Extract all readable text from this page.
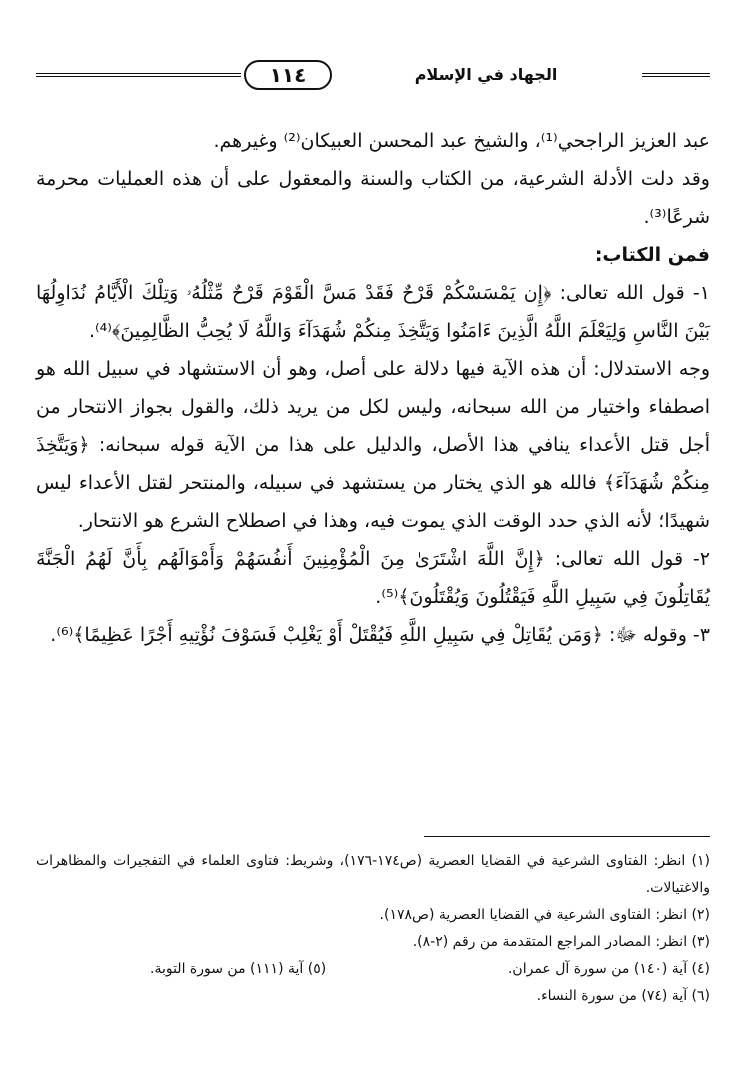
١١٤	الجهاد في الإسلام

عبد العزيز الراجحي⁽¹⁾، والشيخ عبد المحسن العبيكان⁽²⁾ وغيرهم.

وقد دلت الأدلة الشرعية، من الكتاب والسنة والمعقول على أن هذه العمليات محرمة شرعًا⁽³⁾.

فمن الكتاب:

١- قول الله تعالى: ﴿إِن يَمْسَسْكُمْ قَرْحٌ فَقَدْ مَسَّ الْقَوْمَ قَرْحٌ مِّثْلُهُۥ وَتِلْكَ الْأَيَّامُ نُدَاوِلُهَا بَيْنَ النَّاسِ وَلِيَعْلَمَ اللَّهُ الَّذِينَ ءَامَنُوا وَيَتَّخِذَ مِنكُمْ شُهَدَآءَ وَاللَّهُ لَا يُحِبُّ الظَّالِمِينَ﴾⁽⁴⁾.

وجه الاستدلال: أن هذه الآية فيها دلالة على أصل، وهو أن الاستشهاد في سبيل الله هو اصطفاء واختيار من الله سبحانه، وليس لكل من يريد ذلك، والقول بجواز الانتحار من أجل قتل الأعداء ينافي هذا الأصل، والدليل على هذا من الآية قوله سبحانه: ﴿وَيَتَّخِذَ مِنكُمْ شُهَدَآءَ﴾ فالله هو الذي يختار من يستشهد في سبيله، والمنتحر لقتل الأعداء ليس شهيدًا؛ لأنه الذي حدد الوقت الذي يموت فيه، وهذا في اصطلاح الشرع هو الانتحار.

٢- قول الله تعالى: ﴿إِنَّ اللَّهَ اشْتَرَىٰ مِنَ الْمُؤْمِنِينَ أَنفُسَهُمْ وَأَمْوَالَهُم بِأَنَّ لَهُمُ الْجَنَّةَ يُقَاتِلُونَ فِي سَبِيلِ اللَّهِ فَيَقْتُلُونَ وَيُقْتَلُونَ﴾⁽⁵⁾.

٣- وقوله ﷻ: ﴿وَمَن يُقَاتِلْ فِي سَبِيلِ اللَّهِ فَيُقْتَلْ أَوْ يَغْلِبْ فَسَوْفَ نُؤْتِيهِ أَجْرًا عَظِيمًا﴾⁽⁶⁾.

(١) انظر: الفتاوى الشرعية في القضايا العصرية (ص١٧٤-١٧٦)، وشريط: فتاوى العلماء في التفجيرات والمظاهرات والاغتيالات.
(٢) انظر: الفتاوى الشرعية في القضايا العصرية (ص١٧٨).
(٣) انظر: المصادر المراجع المتقدمة من رقم (٢-٨).
(٤) آية (١٤٠) من سورة آل عمران.
(٥) آية (١١١) من سورة التوبة.
(٦) آية (٧٤) من سورة النساء.
